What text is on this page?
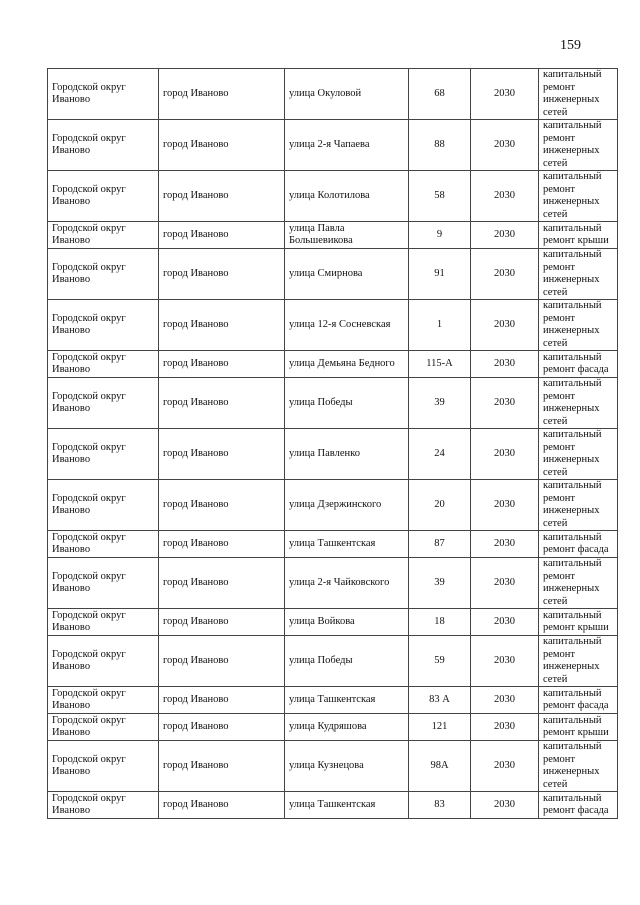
159
Городской округ Иваново	город Иваново	улица Окуловой	68	2030	капитальный ремонт инженерных сетей
Городской округ Иваново	город Иваново	улица 2-я Чапаева	88	2030	капитальный ремонт инженерных сетей
Городской округ Иваново	город Иваново	улица Колотилова	58	2030	капитальный ремонт инженерных сетей
Городской округ Иваново	город Иваново	улица Павла Большевикова	9	2030	капитальный ремонт крыши
Городской округ Иваново	город Иваново	улица Смирнова	91	2030	капитальный ремонт инженерных сетей
Городской округ Иваново	город Иваново	улица 12-я Сосневская	1	2030	капитальный ремонт инженерных сетей
Городской округ Иваново	город Иваново	улица Демьяна Бедного	115-А	2030	капитальный ремонт фасада
Городской округ Иваново	город Иваново	улица Победы	39	2030	капитальный ремонт инженерных сетей
Городской округ Иваново	город Иваново	улица Павленко	24	2030	капитальный ремонт инженерных сетей
Городской округ Иваново	город Иваново	улица Дзержинского	20	2030	капитальный ремонт инженерных сетей
Городской округ Иваново	город Иваново	улица Ташкентская	87	2030	капитальный ремонт фасада
Городской округ Иваново	город Иваново	улица 2-я Чайковского	39	2030	капитальный ремонт инженерных сетей
Городской округ Иваново	город Иваново	улица Войкова	18	2030	капитальный ремонт крыши
Городской округ Иваново	город Иваново	улица Победы	59	2030	капитальный ремонт инженерных сетей
Городской округ Иваново	город Иваново	улица Ташкентская	83 А	2030	капитальный ремонт фасада
Городской округ Иваново	город Иваново	улица Кудряшова	121	2030	капитальный ремонт крыши
Городской округ Иваново	город Иваново	улица Кузнецова	98А	2030	капитальный ремонт инженерных сетей
Городской округ Иваново	город Иваново	улица Ташкентская	83	2030	капитальный ремонт фасада
